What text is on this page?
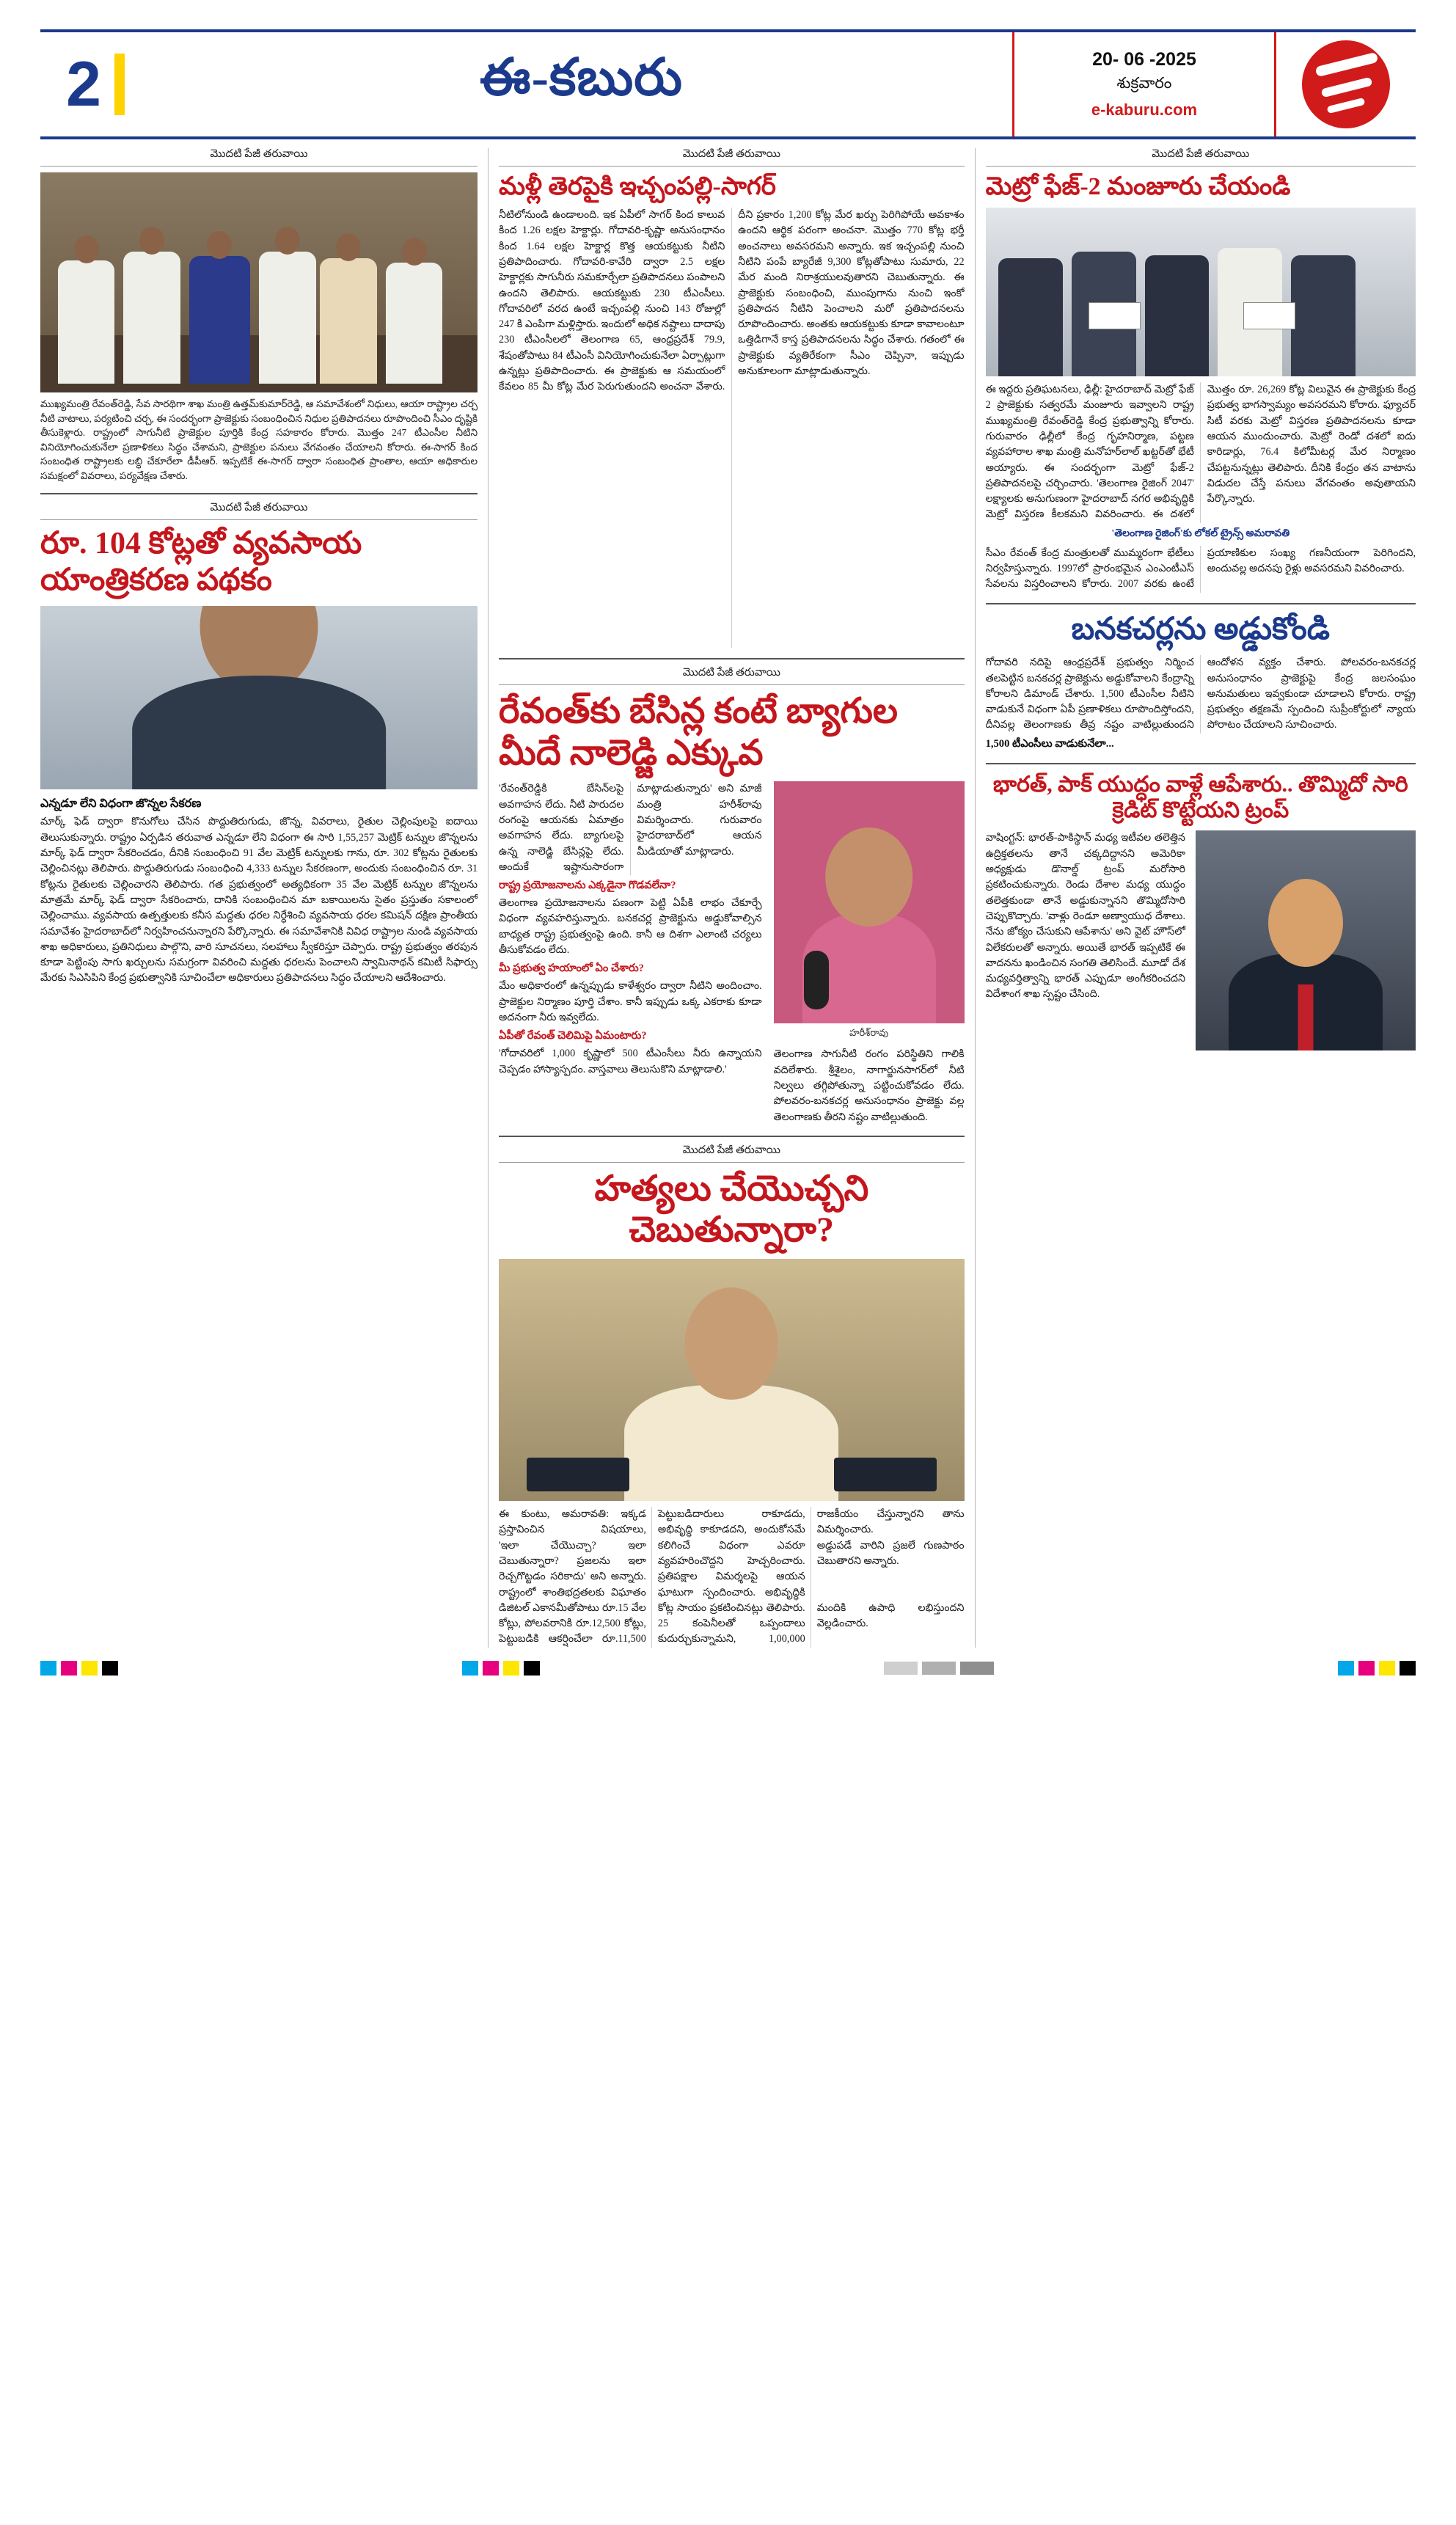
2	ఈ-కబురు	20- 06 -2025
శుక్రవారం
e-kaburu.com
మొదటి పేజీ తరువాయి
ముఖ్యమంత్రి రేవంత్‌రెడ్డి, సేవ సారథిగా శాఖ మంత్రి ఉత్తమ్‌కుమార్‌రెడ్డి, ఆ సమావేశంలో నిధులు, ఆయా రాష్ట్రాల చర్చ నీటి వాటాలు, పర్యటించి చర్చ, ఈ సందర్భంగా ప్రాజెక్టుకు సంబంధించిన నిధుల ప్రతిపాదనలు రూపొందించి సీఎం దృష్టికి తీసుకెళ్లారు. రాష్ట్రంలో సాగునీటి ప్రాజెక్టుల పూర్తికి కేంద్ర సహకారం కోరారు. మొత్తం 247 టీఎంసీల నీటిని వినియోగించుకునేలా ప్రణాళికలు సిద్ధం చేశామని, ప్రాజెక్టుల పనులు వేగవంతం చేయాలని కోరారు. ఈ-సాగర్ కింద సంబంధిత రాష్ట్రాలకు లబ్ధి చేకూరేలా డీపీఆర్‌. ఇప్పటికే ఈ-సాగర్ ద్వారా సంబంధిత ప్రాంతాల, ఆయా అధికారుల సమక్షంలో వివరాలు, పర్యవేక్షణ చేశారు.
మొదటి పేజీ తరువాయి
రూ. 104 కోట్లతో వ్యవసాయ యాంత్రికరణ పథకం
ఎన్నడూ లేని విధంగా జొన్నల సేకరణ
మార్క్ ఫెడ్ ద్వారా కొనుగోలు చేసిన పొద్దుతిరుగుడు, జొన్న, వివరాలు, రైతుల చెల్లింపులపై ఐదాయి తెలుసుకున్నారు. రాష్ట్రం ఏర్పడిన తరువాత ఎన్నడూ లేని విధంగా ఈ సారి 1,55,257 మెట్రిక్ టన్నుల జొన్నలను మార్క్ ఫెడ్ ద్వారా సేకరించడం, దీనికి సంబంధించి 91 వేల మెట్రిక్ టన్నులకు గాను, రూ. 302 కోట్లను రైతులకు చెల్లించినట్లు తెలిపారు. పొద్దుతిరుగుడు సంబంధించి 4,333 టన్నుల సేకరణంగా, అందుకు సంబంధించిన రూ. 31 కోట్లను రైతులకు చెల్లించారని తెలిపారు. గత ప్రభుత్వంలో అత్యధికంగా 35 వేల మెట్రిక్ టన్నుల జొన్నలను మాత్రమే మార్క్ ఫెడ్ ద్వారా సేకరించారు, దానికి సంబంధించిన మా బకాయిలను సైతం ప్రస్తుతం సకాలంలో చెల్లించాము. వ్యవసాయ ఉత్పత్తులకు కనీస మద్దతు ధరల నిర్ధేశించి వ్యవసాయ ధరల కమిషన్ దక్షిణ ప్రాంతీయ సమావేశం హైదరాబాద్‌లో నిర్వహించనున్నారని పేర్కొన్నారు. ఈ సమావేశానికి వివిధ రాష్ట్రాల నుండి వ్యవసాయ శాఖ అధికారులు, ప్రతినిధులు పాల్గొని, వారి సూచనలు, సలహాలు స్వీకరిస్తూ చెప్పారు. రాష్ట్ర ప్రభుత్వం తరపున కూడా పెట్టింపు సాగు ఖర్చులను సమగ్రంగా వివరించి మద్దతు ధరలను పెంచాలని స్వామినాథన్ కమిటీ సిఫార్సు మేరకు సిఎసిపిని కేంద్ర ప్రభుత్వానికి సూచించేలా అధికారులు ప్రతిపాదనలు సిద్ధం చేయాలని ఆదేశించారు.
మొదటి పేజీ తరువాయి
మళ్లీ తెరపైకి ఇచ్చంపల్లి-సాగర్
నీటిలోనుండి ఉండాలంది. ఇక ఏపీలో సాగర్ కింద కాలువ కింద 1.26 లక్షల హెక్టార్లు. గోదావరి-కృష్ణా అనుసంధానం కింద 1.64 లక్షల హెక్టార్ల కొత్త ఆయకట్టుకు నీటిని ప్రతిపాదించారు. గోదావరి-కావేరి ద్వారా 2.5 లక్షల హెక్టార్లకు సాగునీరు సమకూర్చేలా ప్రతిపాదనలు పంపాలని ఉందని తెలిపారు. ఆయకట్టుకు 230 టీఎంసీలు. గోదావరిలో వరద ఉంటే ఇచ్చంపల్లి నుంచి 143 రోజుల్లో 247 కి ఎంపిగా మళ్లిస్తారు. ఇందులో అధిక నష్టాలు దాదాపు 230 టీఎంసీలలో తెలంగాణ 65, ఆంధ్రప్రదేశ్ 79.9, శేషంతోపాటు 84 టీఎంసీ వినియోగించుకునేలా ఏర్పాట్లుగా ఉన్నట్లు ప్రతిపాదించారు. ఈ ప్రాజెక్టుకు ఆ సమయంలో కేవలం 85 మీ కోట్ల మేర పెరుగుతుందని అంచనా వేశారు. దీని ప్రకారం 1,200 కోట్ల మేర ఖర్చు పెరిగిపోయే అవకాశం ఉందని ఆర్థిక పరంగా అంచనా. మొత్తం 770 కోట్ల భర్తీ అంచనాలు అవసరమని అన్నారు. ఇక ఇచ్చంపల్లి నుంచి నీటిని పంపే బ్యారేజీ 9,300 కోట్లతోపాటు సుమారు, 22 మేర మంది నిరాశ్రయులవుతారని చెబుతున్నారు. ఈ ప్రాజెక్టుకు సంబంధించి, ముంపుగాను నుంచి ఇంకో ప్రతిపాదన నీటిని పెంచాలని మరో ప్రతిపాదనలను రూపొందించారు. అంతకు ఆయకట్టుకు కూడా కావాలంటూ ఒత్తిడిగానే కాస్త ప్రతిపాదనలను సిద్ధం చేశారు. గతంలో ఈ ప్రాజెక్టుకు వ్యతిరేకంగా సీఎం చెప్పినా, ఇప్పుడు అనుకూలంగా మాట్లాడుతున్నారు.
మొదటి పేజీ తరువాయి
రేవంత్‌కు బేసిన్ల కంటే బ్యాగుల మీదే నాలెడ్జి ఎక్కువ
'రేవంత్‌రెడ్డికి బేసిన్‌లపై అవగాహన లేదు. నీటి పారుదల రంగంపై ఆయనకు ఏమాత్రం అవగాహన లేదు. బ్యాగులపై ఉన్న నాలెడ్జి బేసిన్లపై లేదు. అందుకే ఇష్టానుసారంగా మాట్లాడుతున్నారు' అని మాజీ మంత్రి హరీశ్‌రావు విమర్శించారు. గురువారం హైదరాబాద్‌లో ఆయన మీడియాతో మాట్లాడారు.
రాష్ట్ర ప్రయోజనాలను ఎక్కడైనా గొడవలేనా?
తెలంగాణ ప్రయోజనాలను పణంగా పెట్టి ఏపీకి లాభం చేకూర్చే విధంగా వ్యవహరిస్తున్నారు. బనకచర్ల ప్రాజెక్టును అడ్డుకోవాల్సిన బాధ్యత రాష్ట్ర ప్రభుత్వంపై ఉంది. కానీ ఆ దిశగా ఎలాంటి చర్యలు తీసుకోవడం లేదు.
మీ ప్రభుత్వ హయాంలో ఏం చేశారు?
మేం అధికారంలో ఉన్నప్పుడు కాళేశ్వరం ద్వారా నీటిని అందించాం. ప్రాజెక్టుల నిర్మాణం పూర్తి చేశాం. కానీ ఇప్పుడు ఒక్క ఎకరాకు కూడా అదనంగా నీరు ఇవ్వలేదు.
ఏపీతో రేవంత్ చెలిమిపై ఏమంటారు?
'గోదావరిలో 1,000 కృష్ణాలో 500 టీఎంసీలు నీరు ఉన్నాయని చెప్పడం హాస్యాస్పదం. వాస్తవాలు తెలుసుకొని మాట్లాడాలి.'
హరీశ్‌రావు
తెలంగాణ సాగునీటి రంగం పరిస్థితిని గాలికి వదిలేశారు. శ్రీశైలం, నాగార్జునసాగర్‌లో నీటి నిల్వలు తగ్గిపోతున్నా పట్టించుకోవడం లేదు. పోలవరం-బనకచర్ల అనుసంధానం ప్రాజెక్టు వల్ల తెలంగాణకు తీరని నష్టం వాటిల్లుతుంది.
మొదటి పేజీ తరువాయి
హత్యలు చేయొచ్చని చెబుతున్నారా?
ఈ కుంటు, అమరావతి: ఇక్కడ ప్రస్తావించిన విషయాలు, పెట్టుబడిదారులు రాకూడదు, అభివృద్ధి కాకూడదని, అందుకోసమే రాజకీయం చేస్తున్నారని తాను విమర్శించారు.
'ఇలా చేయొచ్చా? ఇలా చెబుతున్నారా? ప్రజలను ఇలా రెచ్చగొట్టడం సరికాదు' అని అన్నారు. రాష్ట్రంలో శాంతిభద్రతలకు విఘాతం కలిగించే విధంగా ఎవరూ వ్యవహరించొద్దని హెచ్చరించారు. ప్రతిపక్షాల విమర్శలపై ఆయన ఘాటుగా స్పందించారు. అభివృద్ధికి అడ్డుపడే వారిని ప్రజలే గుణపాఠం చెబుతారని అన్నారు.
డిజిటల్ ఎకానమీతోపాటు రూ.15 వేల కోట్లు, పోలవరానికి రూ.12,500 కోట్లు, పెట్టుబడికి ఆకర్షించేలా రూ.11,500 కోట్ల సాయం ప్రకటించినట్లు తెలిపారు. 25 కంపెనీలతో ఒప్పందాలు కుదుర్చుకున్నామని, 1,00,000 మందికి ఉపాధి లభిస్తుందని వెల్లడించారు.
మొదటి పేజీ తరువాయి
మెట్రో ఫేజ్-2 మంజూరు చేయండి
ఈ ఇద్దరు ప్రతిఘటనలు, ఢిల్లీ: హైదరాబాద్ మెట్రో ఫేజ్ 2 ప్రాజెక్టుకు సత్వరమే మంజూరు ఇవ్వాలని రాష్ట్ర ముఖ్యమంత్రి రేవంత్‌రెడ్డి కేంద్ర ప్రభుత్వాన్ని కోరారు. గురువారం ఢిల్లీలో కేంద్ర గృహనిర్మాణ, పట్టణ వ్యవహారాల శాఖ మంత్రి మనోహర్‌లాల్ ఖట్టర్‌తో భేటీ అయ్యారు. ఈ సందర్భంగా మెట్రో ఫేజ్-2 ప్రతిపాదనలపై చర్చించారు. 'తెలంగాణ రైజింగ్ 2047' లక్ష్యాలకు అనుగుణంగా హైదరాబాద్ నగర అభివృద్ధికి మెట్రో విస్తరణ కీలకమని వివరించారు. ఈ దశలో మొత్తం రూ. 26,269 కోట్ల విలువైన ఈ ప్రాజెక్టుకు కేంద్ర ప్రభుత్వ భాగస్వామ్యం అవసరమని కోరారు. ఫ్యూచర్ సిటీ వరకు మెట్రో విస్తరణ ప్రతిపాదనలను కూడా ఆయన ముందుంచారు. మెట్రో రెండో దశలో ఐదు కారిడార్లు, 76.4 కిలోమీటర్ల మేర నిర్మాణం చేపట్టనున్నట్లు తెలిపారు. దీనికి కేంద్రం తన వాటాను విడుదల చేస్తే పనులు వేగవంతం అవుతాయని పేర్కొన్నారు.
'తెలంగాణ రైజింగ్'కు లోకల్ ట్రైన్స్ అమరావతి
సీఎం రేవంత్ కేంద్ర మంత్రులతో ముమ్మరంగా భేటీలు నిర్వహిస్తున్నారు. 1997లో ప్రారంభమైన ఎంఎంటీఎస్ సేవలను విస్తరించాలని కోరారు. 2007 వరకు ఉంటే ప్రయాణికుల సంఖ్య గణనీయంగా పెరిగిందని, అందువల్ల అదనపు రైళ్లు అవసరమని వివరించారు.
బనకచర్లను అడ్డుకోండి
గోదావరి నదిపై ఆంధ్రప్రదేశ్ ప్రభుత్వం నిర్మించ తలపెట్టిన బనకచర్ల ప్రాజెక్టును అడ్డుకోవాలని కేంద్రాన్ని కోరాలని డిమాండ్ చేశారు. 1,500 టీఎంసీల నీటిని వాడుకునే విధంగా ఏపీ ప్రణాళికలు రూపొందిస్తోందని, దీనివల్ల తెలంగాణకు తీవ్ర నష్టం వాటిల్లుతుందని ఆందోళన వ్యక్తం చేశారు. పోలవరం-బనకచర్ల అనుసంధానం ప్రాజెక్టుపై కేంద్ర జలసంఘం అనుమతులు ఇవ్వకుండా చూడాలని కోరారు. రాష్ట్ర ప్రభుత్వం తక్షణమే స్పందించి సుప్రీంకోర్టులో న్యాయ పోరాటం చేయాలని సూచించారు.
1,500 టీఎంసీలు వాడుకునేలా...
భారత్, పాక్ యుద్ధం వాళ్లే ఆపేశారు.. తొమ్మిదో సారి క్రెడిట్ కొట్టేయని ట్రంప్
వాషింగ్టన్: భారత్-పాకిస్థాన్ మధ్య ఇటీవల తలెత్తిన ఉద్రిక్తతలను తానే చక్కదిద్దానని అమెరికా అధ్యక్షుడు డొనాల్డ్ ట్రంప్ మరోసారి ప్రకటించుకున్నారు. రెండు దేశాల మధ్య యుద్ధం తలెత్తకుండా తానే అడ్డుకున్నానని తొమ్మిదోసారి చెప్పుకొచ్చారు. 'వాళ్లు రెండూ అణ్వాయుధ దేశాలు. నేను జోక్యం చేసుకుని ఆపేశాను' అని వైట్ హౌస్‌లో విలేకరులతో అన్నారు. అయితే భారత్ ఇప్పటికే ఈ వాదనను ఖండించిన సంగతి తెలిసిందే. మూడో దేశ మధ్యవర్తిత్వాన్ని భారత్ ఎప్పుడూ అంగీకరించదని విదేశాంగ శాఖ స్పష్టం చేసింది.
